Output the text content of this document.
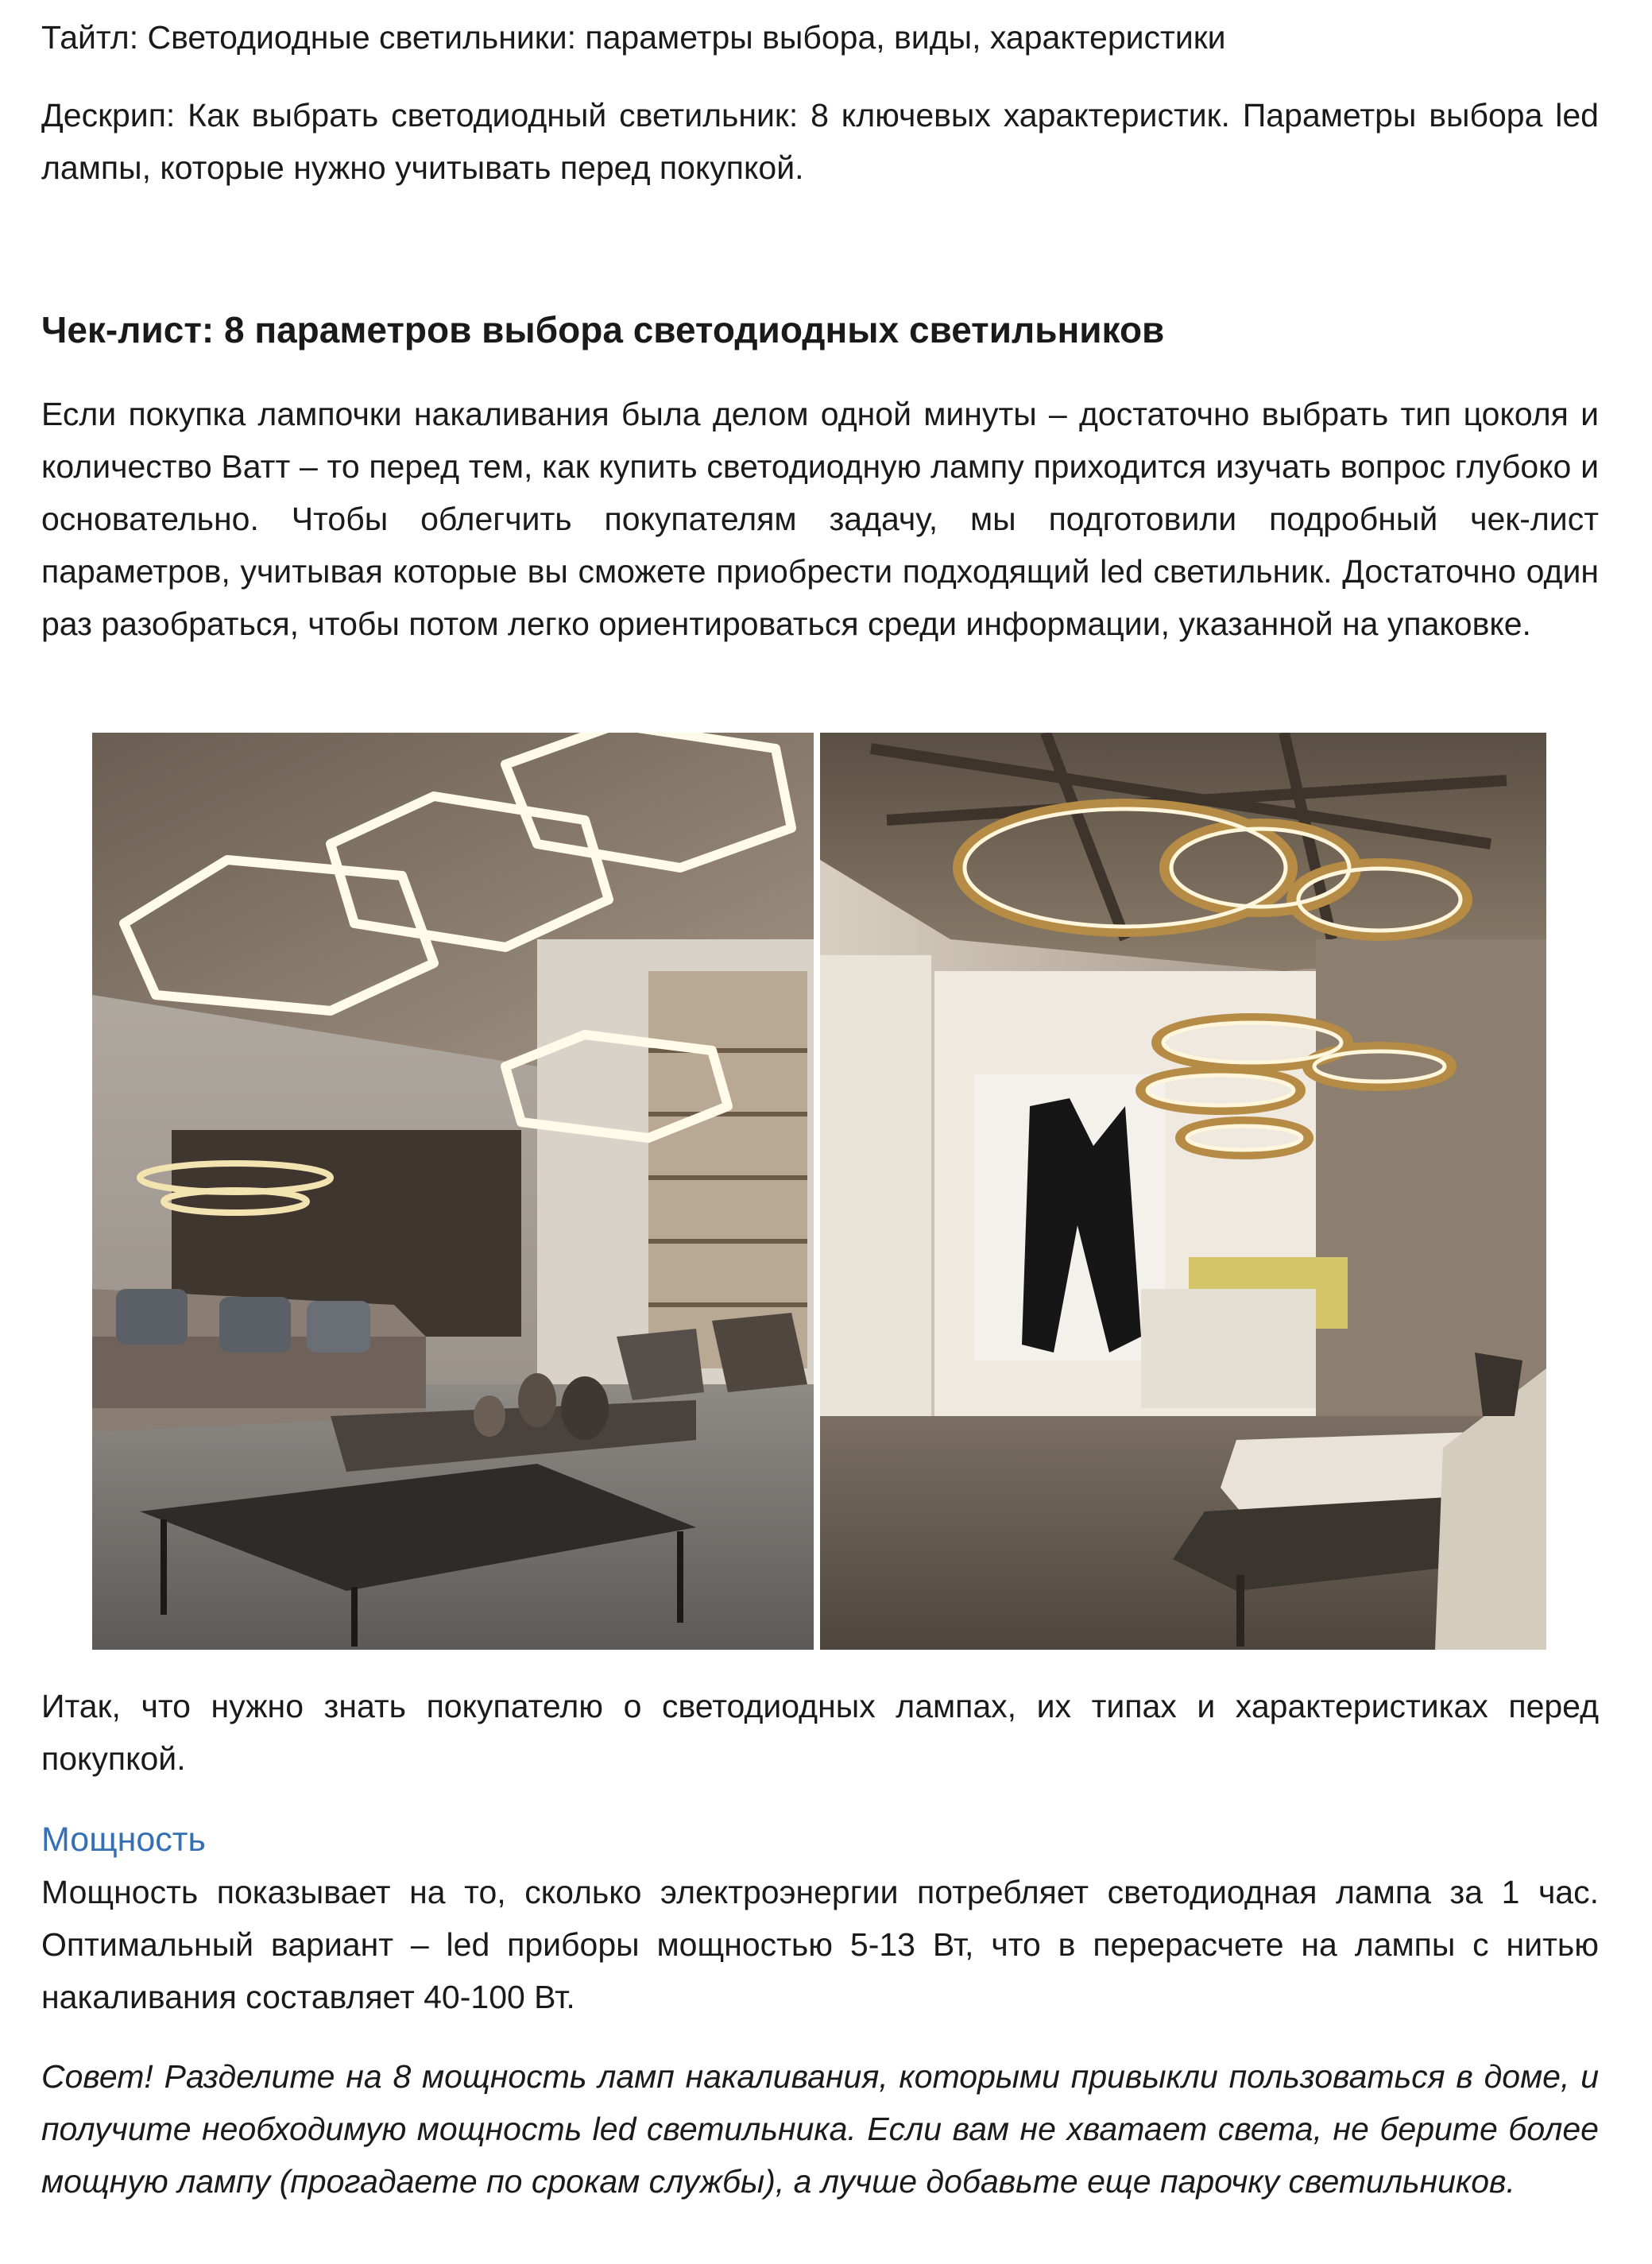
Тайтл: Светодиодные светильники: параметры выбора, виды, характеристики

Дескрип: Как выбрать светодиодный светильник: 8 ключевых характеристик. Параметры выбора led лампы, которые нужно учитывать перед покупкой.

Чек-лист: 8 параметров выбора светодиодных светильников

Если покупка лампочки накаливания была делом одной минуты – достаточно выбрать тип цоколя и количество Ватт – то перед тем, как купить светодиодную лампу приходится изучать вопрос глубоко и основательно. Чтобы облегчить покупателям задачу, мы подготовили подробный чек-лист параметров, учитывая которые вы сможете приобрести подходящий led светильник. Достаточно один раз разобраться, чтобы потом легко ориентироваться среди информации, указанной на упаковке.

Итак, что нужно знать покупателю о светодиодных лампах, их типах и характеристиках перед покупкой.

Мощность

Мощность показывает на то, сколько электроэнергии потребляет светодиодная лампа за 1 час. Оптимальный вариант – led приборы мощностью 5-13 Вт, что в перерасчете на лампы с нитью накаливания составляет 40-100 Вт.

Совет! Разделите на 8 мощность ламп накаливания, которыми привыкли пользоваться в доме, и получите необходимую мощность led светильника. Если вам не хватает света, не берите более мощную лампу (прогадаете по срокам службы), а лучше добавьте еще парочку светильников.
